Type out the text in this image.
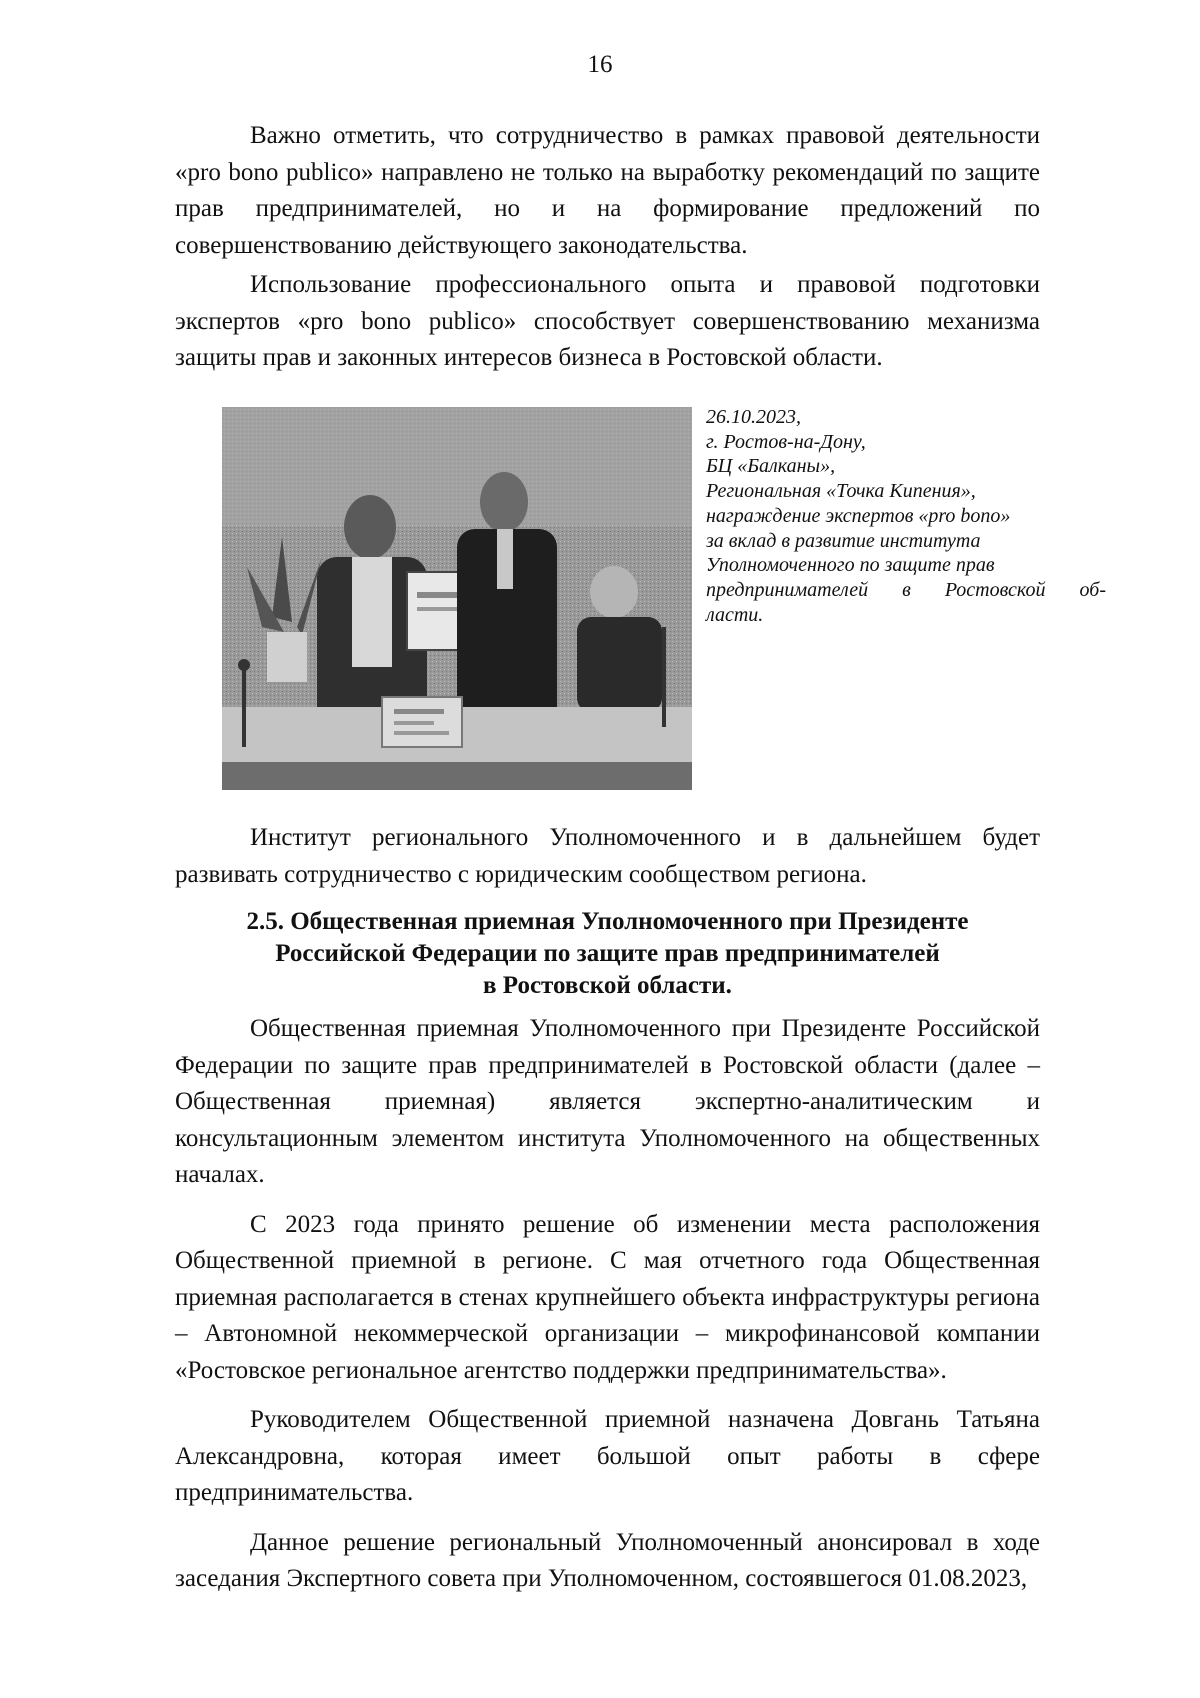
16

Важно отметить, что сотрудничество в рамках правовой деятельности «pro bono publico» направлено не только на выработку рекомендаций по защите прав предпринимателей, но и на формирование предложений по совершенствованию действующего законодательства.

Использование профессионального опыта и правовой подготовки экспертов «pro bono publico» способствует совершенствованию механизма защиты прав и законных интересов бизнеса в Ростовской области.

26.10.2023,
г. Ростов-на-Дону,
БЦ «Балканы»,
Региональная «Точка Кипения»,
награждение экспертов «pro bono»
за вклад в развитие института
Уполномоченного по защите прав
предпринимателей в Ростовской об-
ласти.

Институт регионального Уполномоченного и в дальнейшем будет развивать сотрудничество с юридическим сообществом региона.

2.5. Общественная приемная Уполномоченного при Президенте
Российской Федерации по защите прав предпринимателей
в Ростовской области.

Общественная приемная Уполномоченного при Президенте Российской Федерации по защите прав предпринимателей в Ростовской области (далее – Общественная приемная) является экспертно-аналитическим и консультационным элементом института Уполномоченного на общественных началах.

С 2023 года принято решение об изменении места расположения Общественной приемной в регионе. С мая отчетного года Общественная приемная располагается в стенах крупнейшего объекта инфраструктуры региона – Автономной некоммерческой организации – микрофинансовой компании «Ростовское региональное агентство поддержки предпринимательства».

Руководителем Общественной приемной назначена Довгань Татьяна Александровна, которая имеет большой опыт работы в сфере предпринимательства.

Данное решение региональный Уполномоченный анонсировал в ходе заседания Экспертного совета при Уполномоченном, состоявшегося 01.08.2023,
